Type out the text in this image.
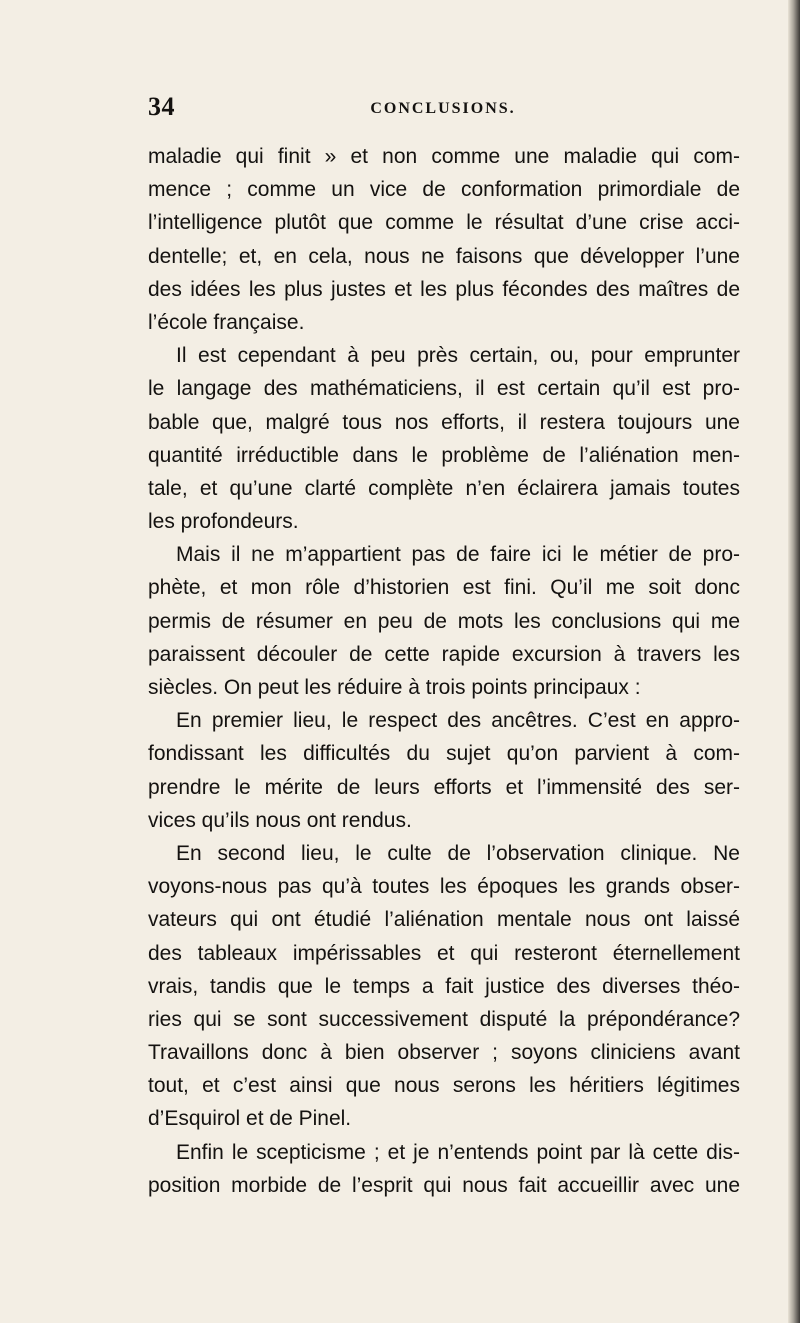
34	CONCLUSIONS.
maladie qui finit » et non comme une maladie qui com-
mence ; comme un vice de conformation primordiale de
l’intelligence plutôt que comme le résultat d’une crise acci-
dentelle; et, en cela, nous ne faisons que développer l’une
des idées les plus justes et les plus fécondes des maîtres de
l’école française.
Il est cependant à peu près certain, ou, pour emprunter
le langage des mathématiciens, il est certain qu’il est pro-
bable que, malgré tous nos efforts, il restera toujours une
quantité irréductible dans le problème de l’aliénation men-
tale, et qu’une clarté complète n’en éclairera jamais toutes
les profondeurs.
Mais il ne m’appartient pas de faire ici le métier de pro-
phète, et mon rôle d’historien est fini. Qu’il me soit donc
permis de résumer en peu de mots les conclusions qui me
paraissent découler de cette rapide excursion à travers les
siècles. On peut les réduire à trois points principaux :
En premier lieu, le respect des ancêtres. C’est en appro-
fondissant les difficultés du sujet qu’on parvient à com-
prendre le mérite de leurs efforts et l’immensité des ser-
vices qu’ils nous ont rendus.
En second lieu, le culte de l’observation clinique. Ne
voyons-nous pas qu’à toutes les époques les grands obser-
vateurs qui ont étudié l’aliénation mentale nous ont laissé
des tableaux impérissables et qui resteront éternellement
vrais, tandis que le temps a fait justice des diverses théo-
ries qui se sont successivement disputé la prépondérance?
Travaillons donc à bien observer ; soyons cliniciens avant
tout, et c’est ainsi que nous serons les héritiers légitimes
d’Esquirol et de Pinel.
Enfin le scepticisme ; et je n’entends point par là cette dis-
position morbide de l’esprit qui nous fait accueillir avec une
